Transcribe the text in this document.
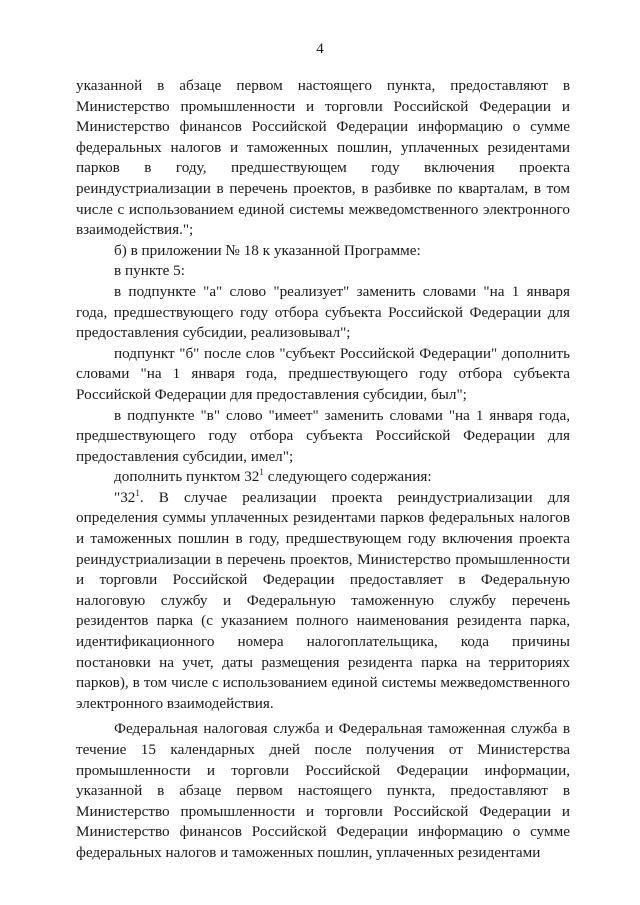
4

указанной в абзаце первом настоящего пункта, предоставляют в Министерство промышленности и торговли Российской Федерации и Министерство финансов Российской Федерации информацию о сумме федеральных налогов и таможенных пошлин, уплаченных резидентами парков в году, предшествующем году включения проекта реиндустриализации в перечень проектов, в разбивке по кварталам, в том числе с использованием единой системы межведомственного электронного взаимодействия.";

б) в приложении № 18 к указанной Программе:

в пункте 5:

в подпункте "а" слово "реализует" заменить словами "на 1 января года, предшествующего году отбора субъекта Российской Федерации для предоставления субсидии, реализовывал";

подпункт "б" после слов "субъект Российской Федерации" дополнить словами "на 1 января года, предшествующего году отбора субъекта Российской Федерации для предоставления субсидии, был";

в подпункте "в" слово "имеет" заменить словами "на 1 января года, предшествующего году отбора субъекта Российской Федерации для предоставления субсидии, имел";

дополнить пунктом $32^1$ следующего содержания:

"$32^1$. В случае реализации проекта реиндустриализации для определения суммы уплаченных резидентами парков федеральных налогов и таможенных пошлин в году, предшествующем году включения проекта реиндустриализации в перечень проектов, Министерство промышленности и торговли Российской Федерации предоставляет в Федеральную налоговую службу и Федеральную таможенную службу перечень резидентов парка (с указанием полного наименования резидента парка, идентификационного номера налогоплательщика, кода причины постановки на учет, даты размещения резидента парка на территориях парков), в том числе с использованием единой системы межведомственного электронного взаимодействия.

Федеральная налоговая служба и Федеральная таможенная служба в течение 15 календарных дней после получения от Министерства промышленности и торговли Российской Федерации информации, указанной в абзаце первом настоящего пункта, предоставляют в Министерство промышленности и торговли Российской Федерации и Министерство финансов Российской Федерации информацию о сумме федеральных налогов и таможенных пошлин, уплаченных резидентами
